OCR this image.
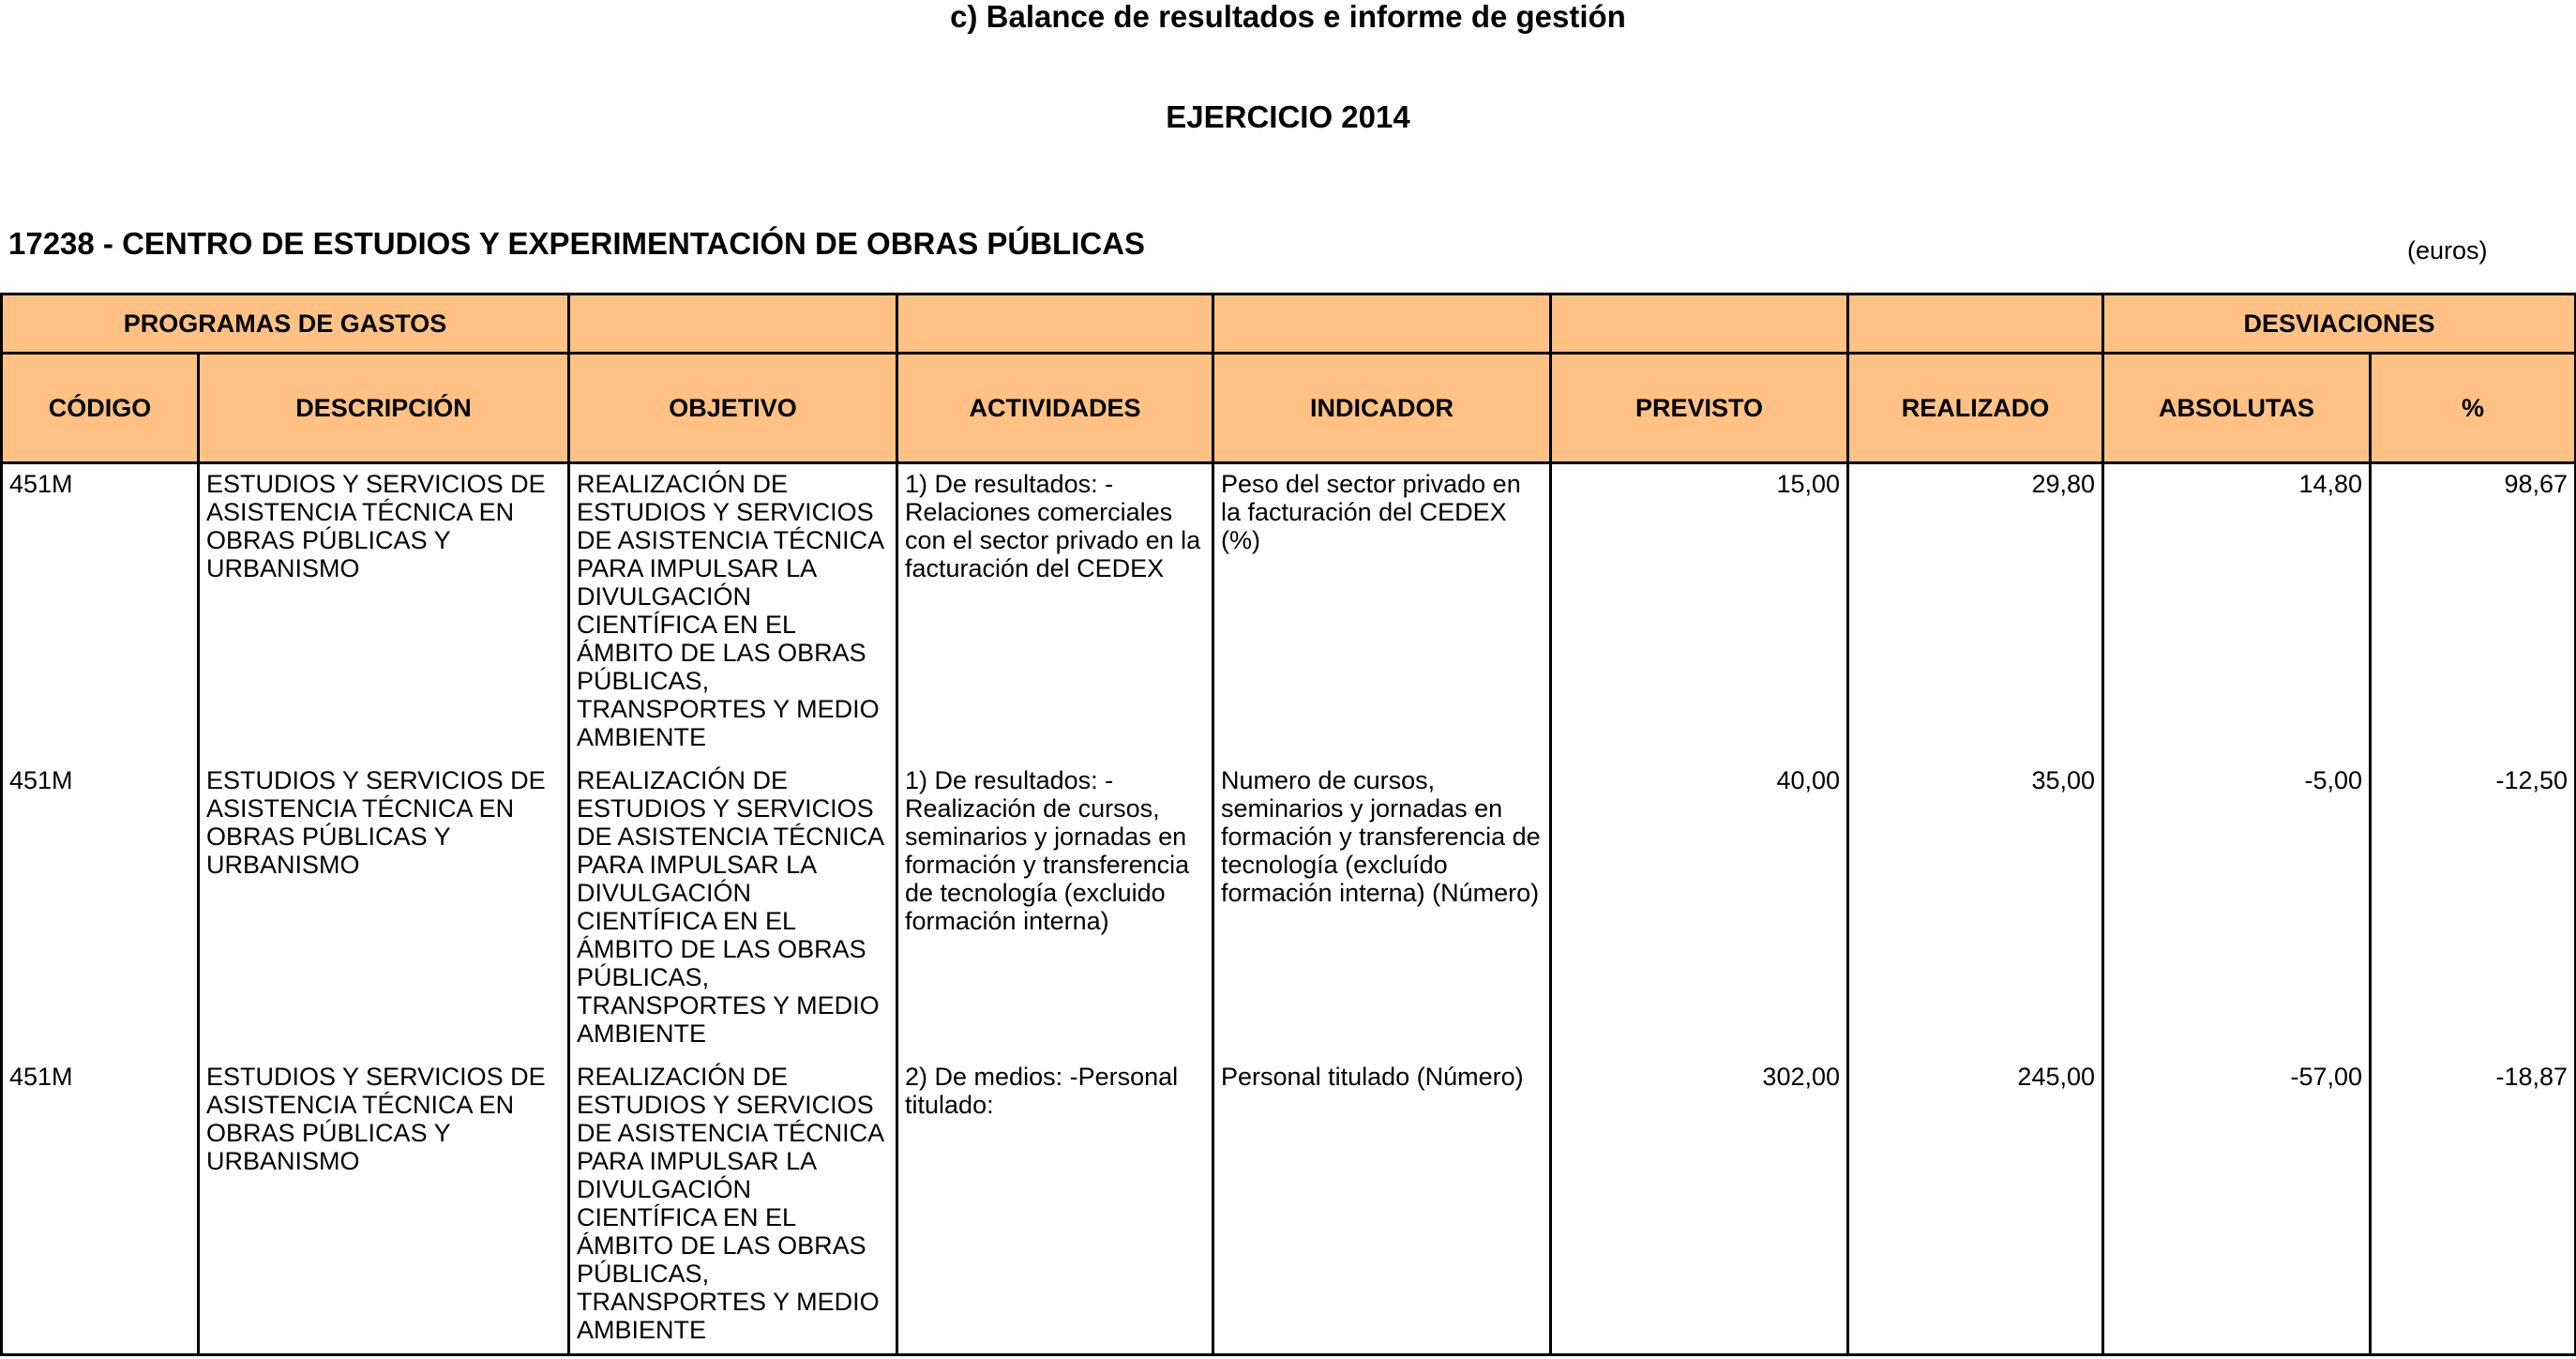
c) Balance de resultados e informe de gestión
EJERCICIO 2014
17238 - CENTRO DE ESTUDIOS Y EXPERIMENTACIÓN DE OBRAS PÚBLICAS	(euros)
PROGRAMAS DE GASTOS							DESVIACIONES	
CÓDIGO	DESCRIPCIÓN	OBJETIVO	ACTIVIDADES	INDICADOR	PREVISTO	REALIZADO	ABSOLUTAS	%
451M	ESTUDIOS Y SERVICIOS DE ASISTENCIA TÉCNICA EN OBRAS PÚBLICAS Y URBANISMO	REALIZACIÓN DE ESTUDIOS Y SERVICIOS DE ASISTENCIA TÉCNICA PARA IMPULSAR LA DIVULGACIÓN CIENTÍFICA EN EL ÁMBITO DE LAS OBRAS PÚBLICAS, TRANSPORTES Y MEDIO AMBIENTE	1) De resultados: -Relaciones comerciales con el sector privado en la facturación del CEDEX	Peso del sector privado en la facturación del CEDEX (%)	15,00	29,80	14,80	98,67
451M	ESTUDIOS Y SERVICIOS DE ASISTENCIA TÉCNICA EN OBRAS PÚBLICAS Y URBANISMO	REALIZACIÓN DE ESTUDIOS Y SERVICIOS DE ASISTENCIA TÉCNICA PARA IMPULSAR LA DIVULGACIÓN CIENTÍFICA EN EL ÁMBITO DE LAS OBRAS PÚBLICAS, TRANSPORTES Y MEDIO AMBIENTE	1) De resultados: -Realización de cursos, seminarios y jornadas en formación y transferencia de tecnología (excluido formación interna)	Numero de cursos, seminarios y jornadas en formación y transferencia de tecnología (excluído formación interna) (Número)	40,00	35,00	-5,00	-12,50
451M	ESTUDIOS Y SERVICIOS DE ASISTENCIA TÉCNICA EN OBRAS PÚBLICAS Y URBANISMO	REALIZACIÓN DE ESTUDIOS Y SERVICIOS DE ASISTENCIA TÉCNICA PARA IMPULSAR LA DIVULGACIÓN CIENTÍFICA EN EL ÁMBITO DE LAS OBRAS PÚBLICAS, TRANSPORTES Y MEDIO AMBIENTE	2) De medios: -Personal titulado:	Personal titulado (Número)	302,00	245,00	-57,00	-18,87
